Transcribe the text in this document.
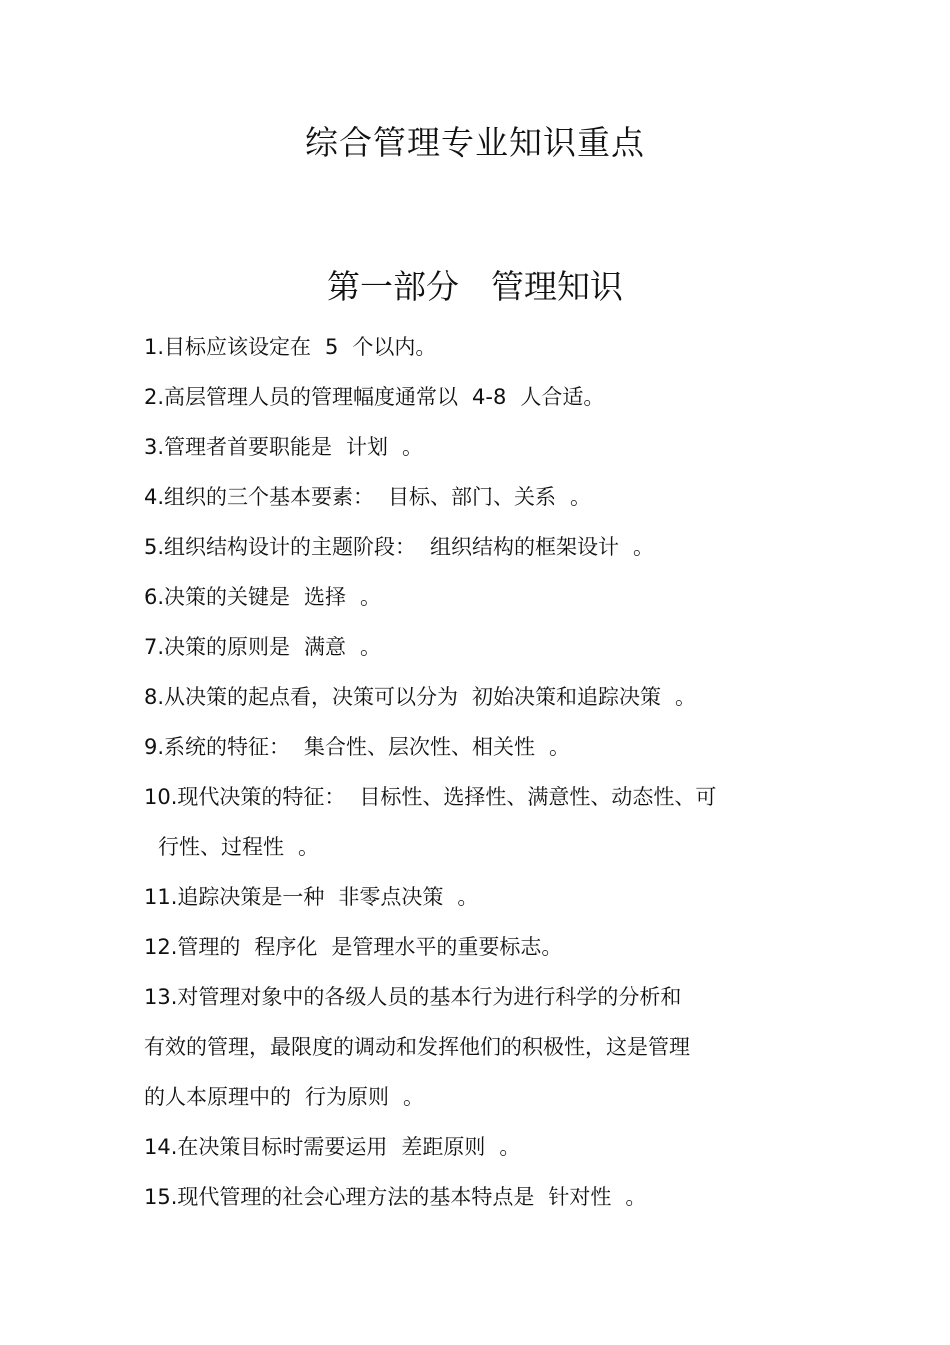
综合管理专业知识重点
第一部分 管理知识
1.目标应该设定在 5 个以内。
2.高层管理人员的管理幅度通常以 4-8 人合适。
3.管理者首要职能是 计划 。
4.组织的三个基本要素： 目标、部门、关系 。
5.组织结构设计的主题阶段： 组织结构的框架设计 。
6.决策的关键是 选择 。
7.决策的原则是 满意 。
8.从决策的起点看，决策可以分为 初始决策和追踪决策 。
9.系统的特征： 集合性、层次性、相关性 。
10.现代决策的特征： 目标性、选择性、满意性、动态性、可
行性、过程性 。
11.追踪决策是一种 非零点决策 。
12.管理的 程序化 是管理水平的重要标志。
13.对管理对象中的各级人员的基本行为进行科学的分析和
有效的管理，最限度的调动和发挥他们的积极性，这是管理
的人本原理中的 行为原则 。
14.在决策目标时需要运用 差距原则 。
15.现代管理的社会心理方法的基本特点是 针对性 。
